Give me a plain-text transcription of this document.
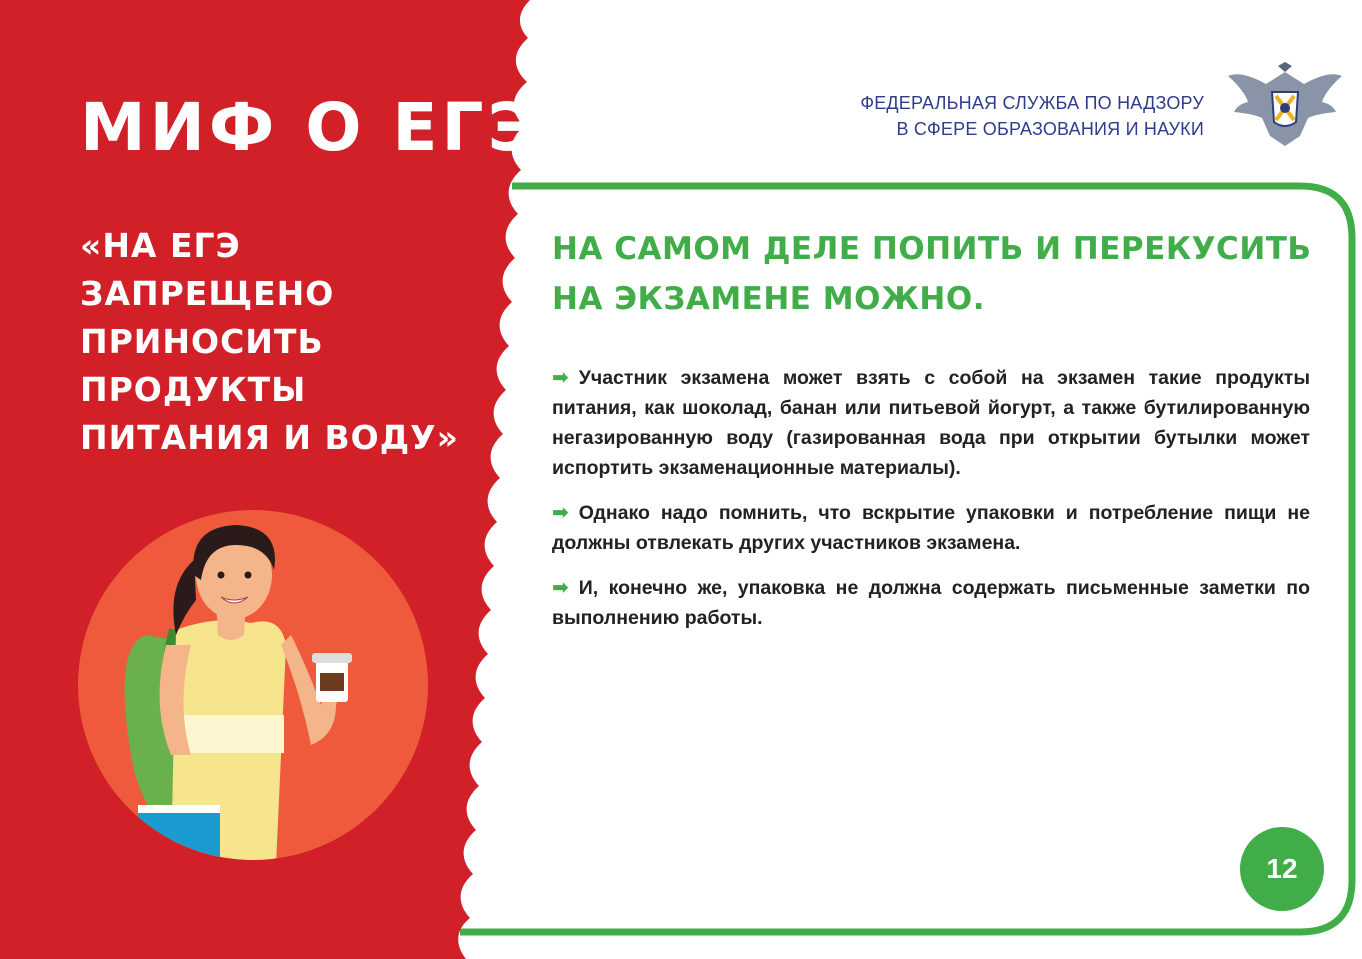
МИФ О ЕГЭ
«НА ЕГЭ
ЗАПРЕЩЕНО
ПРИНОСИТЬ
ПРОДУКТЫ
ПИТАНИЯ И ВОДУ»
ФЕДЕРАЛЬНАЯ СЛУЖБА ПО НАДЗОРУ
В СФЕРЕ ОБРАЗОВАНИЯ И НАУКИ
НА САМОМ ДЕЛЕ ПОПИТЬ И ПЕРЕКУСИТЬ
НА ЭКЗАМЕНЕ МОЖНО.

➡ Участник экзамена может взять с собой на экзамен такие продукты питания, как шоколад, банан или питьевой йогурт, а также бутилированную негазированную воду (газированная вода при открытии бутылки может испортить экзаменационные материалы).

➡ Однако надо помнить, что вскрытие упаковки и потребление пищи не должны отвлекать других участников экзамена.

➡ И, конечно же, упаковка не должна содержать письменные заметки по выполнению работы.

12
